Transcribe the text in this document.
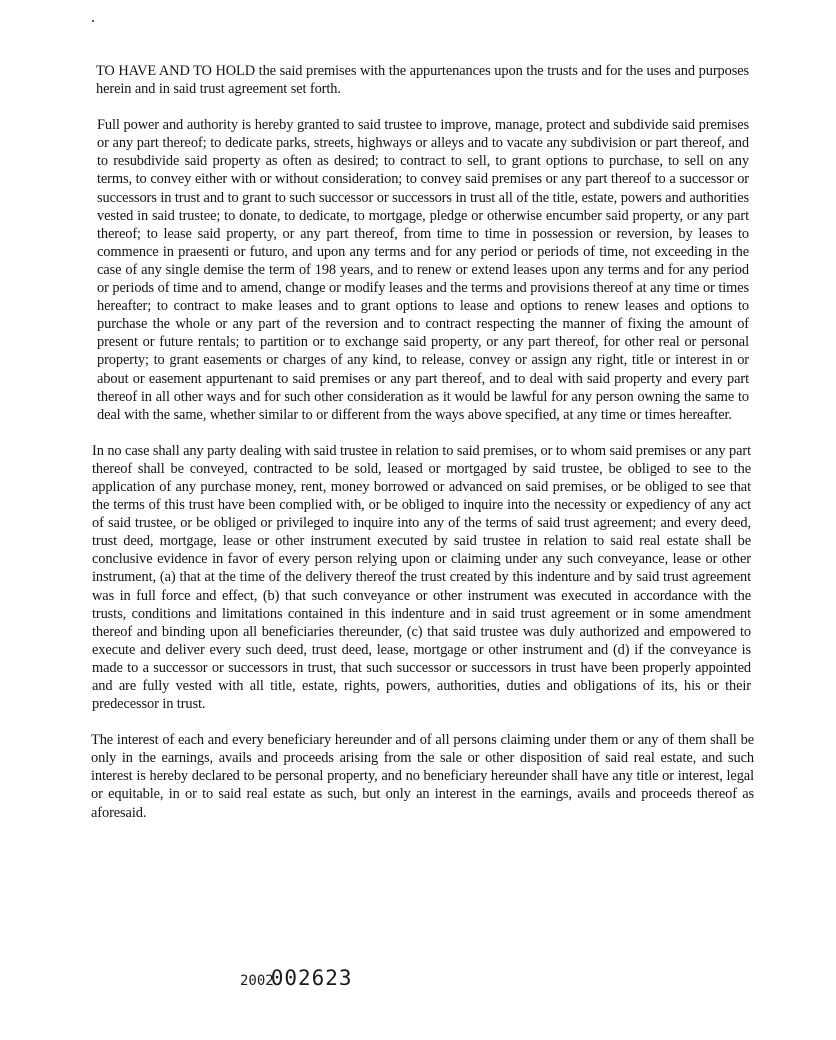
TO HAVE AND TO HOLD the said premises with the appurtenances upon the trusts and for the uses and purposes herein and in said trust agreement set forth.

Full power and authority is hereby granted to said trustee to improve, manage, protect and subdivide said premises or any part thereof; to dedicate parks, streets, highways or alleys and to vacate any subdivision or part thereof, and to resubdivide said property as often as desired; to contract to sell, to grant options to purchase, to sell on any terms, to convey either with or without consideration; to convey said premises or any part thereof to a successor or successors in trust and to grant to such successor or successors in trust all of the title, estate, powers and authorities vested in said trustee; to donate, to dedicate, to mortgage, pledge or otherwise encumber said property, or any part thereof; to lease said property, or any part thereof, from time to time in possession or reversion, by leases to commence in praesenti or futuro, and upon any terms and for any period or periods of time, not exceeding in the case of any single demise the term of 198 years, and to renew or extend leases upon any terms and for any period or periods of time and to amend, change or modify leases and the terms and provisions thereof at any time or times hereafter; to contract to make leases and to grant options to lease and options to renew leases and options to purchase the whole or any part of the reversion and to contract respecting the manner of fixing the amount of present or future rentals; to partition or to exchange said property, or any part thereof, for other real or personal property; to grant easements or charges of any kind, to release, convey or assign any right, title or interest in or about or easement appurtenant to said premises or any part thereof, and to deal with said property and every part thereof in all other ways and for such other consideration as it would be lawful for any person owning the same to deal with the same, whether similar to or different from the ways above specified, at any time or times hereafter.

In no case shall any party dealing with said trustee in relation to said premises, or to whom said premises or any part thereof shall be conveyed, contracted to be sold, leased or mortgaged by said trustee, be obliged to see to the application of any purchase money, rent, money borrowed or advanced on said premises, or be obliged to see that the terms of this trust have been complied with, or be obliged to inquire into the necessity or expediency of any act of said trustee, or be obliged or privileged to inquire into any of the terms of said trust agreement; and every deed, trust deed, mortgage, lease or other instrument executed by said trustee in relation to said real estate shall be conclusive evidence in favor of every person relying upon or claiming under any such conveyance, lease or other instrument, (a) that at the time of the delivery thereof the trust created by this indenture and by said trust agreement was in full force and effect, (b) that such conveyance or other instrument was executed in accordance with the trusts, conditions and limitations contained in this indenture and in said trust agreement or in some amendment thereof and binding upon all beneficiaries thereunder, (c) that said trustee was duly authorized and empowered to execute and deliver every such deed, trust deed, lease, mortgage or other instrument and (d) if the conveyance is made to a successor or successors in trust, that such successor or successors in trust have been properly appointed and are fully vested with all title, estate, rights, powers, authorities, duties and obligations of its, his or their predecessor in trust.

The interest of each and every beneficiary hereunder and of all persons claiming under them or any of them shall be only in the earnings, avails and proceeds arising from the sale or other disposition of said real estate, and such interest is hereby declared to be personal property, and no beneficiary hereunder shall have any title or interest, legal or equitable, in or to said real estate as such, but only an interest in the earnings, avails and proceeds thereof as aforesaid.

2002002623
